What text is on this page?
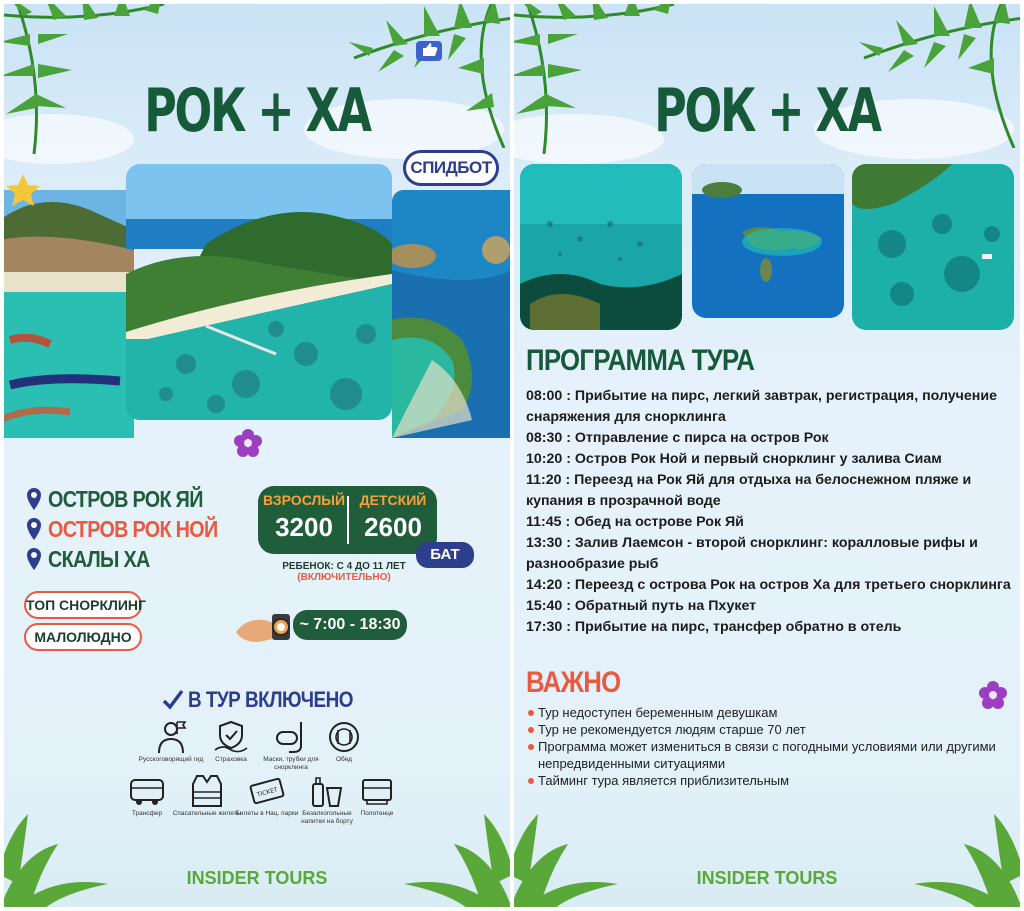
РОК + ХА
СПИДБОТ
ОСТРОВ РОК ЯЙ
ОСТРОВ РОК НОЙ
СКАЛЫ ХА
ТОП СНОРКЛИНГ
МАЛОЛЮДНО
ВЗРОСЛЫЙ
3200
ДЕТСКИЙ
2600
БАТ
РЕБЕНОК: С 4 ДО 11 ЛЕТ
(ВКЛЮЧИТЕЛЬНО)
~ 7:00 - 18:30
В ТУР ВКЛЮЧЕНО
Русскоговорящий гид	Страховка	Маски, трубки для снорклинга
Обед
Трансфер	Спасательные жилеты
TICKET
Билеты в Нац. парки Безалкогольные напитки на борту
Полотенце
INSIDER TOURS
РОК + ХА
ПРОГРАММА ТУРА

08:00 : Прибытие на пирс, легкий завтрак, регистрация, получение снаряжения для снорклинга

08:30 : Отправление с пирса на остров Рок

10:20 : Остров Рок Ной и первый снорклинг у залива Сиам

11:20 : Переезд на Рок Яй для отдыха на белоснежном пляже и купания в прозрачной воде

11:45 : Обед на острове Рок Яй

13:30 : Залив Лаемсон - второй снорклинг: коралловые рифы и разнообразие рыб

14:20 : Переезд с острова Рок на остров Ха для третьего снорклинга

15:40 : Обратный путь на Пхукет

17:30 : Прибытие на пирс, трансфер обратно в отель

ВАЖНО
Тур недоступен беременным девушкам
Тур не рекомендуется людям старше 70 лет
Программа может измениться в связи с погодными условиями или другими непредвиденными ситуациями
Тайминг тура является приблизительным
INSIDER TOURS
